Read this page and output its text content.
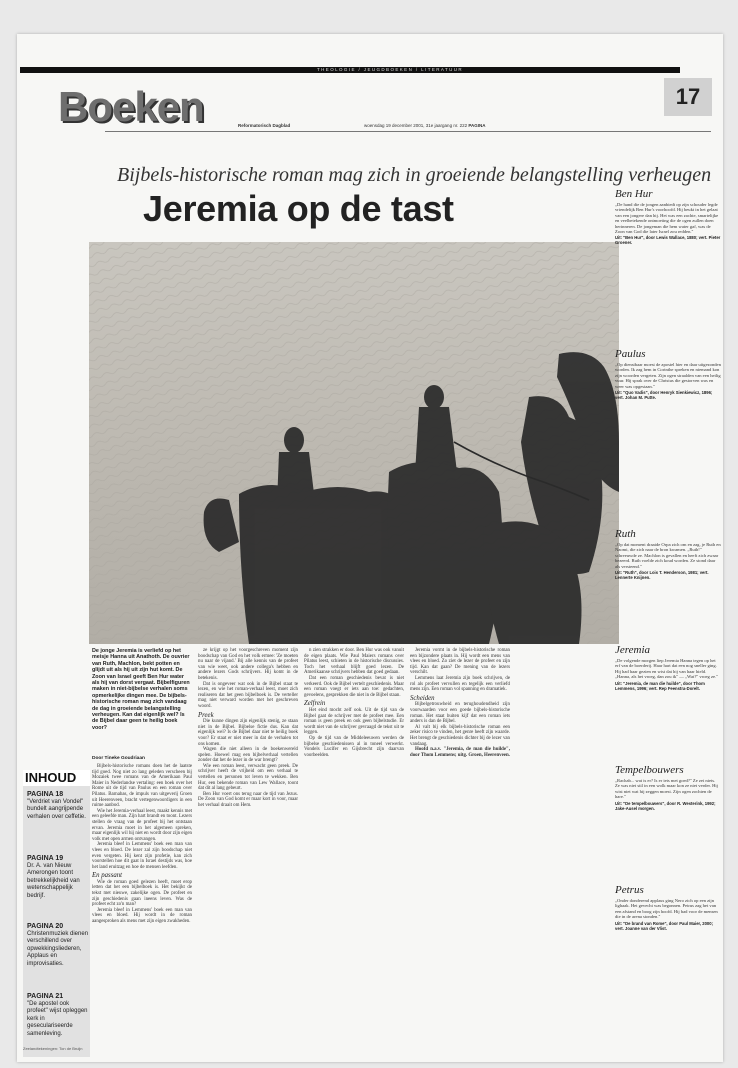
THEOLOGIE / JEUGDBOEKEN / LITERATUUR
17
Boeken	Reformatorisch Dagblad	woensdag 19 december 2001, 31e jaargang nr. 222 PAGINA
Bijbels-historische roman mag zich in groeiende belangstelling verheugen
Jeremia op de tast
De jonge Jeremia is verliefd op het meisje Hanna uit Anathoth. De ouvrier van Ruth, Machlon, bekt potten en glijdt uit als hij uit zijn hut komt. De Zoon van Israel geeft Ben Hur water als hij van dorst vergaat. Bijbelfiguren maken in niet-bijbelse verhalen soms opmerkelijke dingen mee. De bijbels-historische roman mag zich vandaag de dag in groeiende belangstelling verheugen. Kan dat eigenlijk wel? Is de Bijbel daar geen te heilig boek voor?
Door Tineke Goudriaan

Bijbels-historische romans doen het de laatste tijd goed. Nog niet zo lang geleden verscheen bij Mozaiek twee romans van de Amerikaan Paul Maier in Nederlandse vertaling: een boek over het Rome uit de tijd van Paulus en een roman over Pilatus. Barnabas, de impuls van uitgeverij Groen uit Heerenveen, bracht vertegenwoordigers in een ruime aanbod.

Wie het Jeremia-verhaal leest, maakt kennis met een geleefde man. Zijn hart brandt en toont. Lezers stellen de vraag van de profeet bij het ontstaan ervan. Jeremia moet in het algemeen spreken, maar eigenlijk wil hij niet en wordt door zijn eigen volk met open armen ontvangen.

Jeremia bleef in Lemmens' boek een man van vlees en bloed. De lezer zal zijn boodschap niet even vergeten. Hij kent zijn profetie, kan zich voorstellen hoe dit gaat in Israel destijds was, hoe het land eruitzag en hoe de mensen leefden.

En passant

Wie de roman goed gelezen heeft, moet erop letten dat het een bijbelboek is. Het bekijkt de tekst met nieuwe, zakelijke ogen. De profeet en zijn geschiedenis gaan ineens leven. Was de profeet echt zo'n man?

Jeremia bleef in Lemmens' boek een man van vlees en bloed. Hij wordt in de roman aangesproken als mens met zijn eigen zwakheden.

ze krijgt op het voorgeschreven moment zijn boodschap van God en het volk ermee: 'Ze moeten nu naar de vijand.' Bij alle kennis van de profeet van wie weet, ook andere collega's hebben en andere lezers Gods schrijvers. Hij komt in de betekenis.

Dat is ongeveer wat ook in de Bijbel staat te lezen, en wie het roman-verhaal leest, moet zich realiseren dat het geen bijbelboek is. De verteller mag niet verward worden met het geschreven woord.

Preek

Die kunne dingen zijn eigenlijk stenig, ze staan niet in de Bijbel. Bijbelse fictie dus. Kan dat eigenlijk wel? Is de Bijbel daar niet te heilig boek voor? Er staat er niet meer in dat de verhalen tot ons komen.

Wagen die niet alleen in de boekenwereld spelen. Hoewel mag een bijbelverhaal vertellen zonder dat het de lezer in de war brengt?

Wie een roman leest, verwacht geen preek. De schrijver heeft de vrijheid om een verhaal te vertellen en personen tot leven te wekken. Ben Hur, een bekende roman van Lew Wallace, toont dat dit al lang gebeurt.

Ben Hur voert ons terug naar de tijd van Jezus. De Zoon van God komt er maar kort in voor, maar het verhaal draait om Hem.

n zien strakken er door. Ben Hur was ook vanuit de eigen plaats. Wie Paul Maiers romans over Pilatus leest, schieten in de historische discussies. Toch het verhaal blijft goed lezen. De Amerikaanse schrijvers hebben dat goed gedaan.

Dat een roman geschiedenis bevat is niet verkeerd. Ook de Bijbel vertelt geschiedenis. Maar een roman voegt er iets aan toe: gedachten, gevoelens, gesprekken die niet in de Bijbel staan.

Zelfrein

Het eind mocht zelf ook. Uit de tijd van de Bijbel gaat de schrijver met de profeet mee. Een roman is geen preek en ook geen bijbelstudie. Er wordt niet van de schrijver gevraagd de tekst uit te leggen.

Op de tijd van de Middeleeuwen werden de bijbelse geschiedenissen al in toneel verwerkt. Vondels Lucifer en Gijsbrecht zijn daarvan voorbeelden.

Jeremia vormt in de bijbels-historische roman een bijzondere plaats in. Hij wordt een mens van vlees en bloed. Zo ziet de lezer de profeet en zijn tijd. Kan dat gaan? De mening van de lezers verschilt.

Lemmens laat Jeremia zijn boek schrijven, de rol als profeet vervullen en tegelijk een verliefd mens zijn. Een roman vol spanning en dramatiek.

Scheiden

Bijbelgetrouwheid en terughoudendheid zijn voorwaarden voor een goede bijbels-historische roman. Het staat buiten kijf dat een roman iets anders is dan de Bijbel.

Al valt bij elk bijbels-historische roman een zeker risico te vinden, het genre heeft zijn waarde. Het brengt de geschiedenis dichter bij de lezer van vandaag.

Hoofd n.a.v. "Jeremia, de man die huilde", door Thom Lemmens; uitg. Groen, Heerenveen.

INHOUD
PAGINA 18
"Verdriet van Vondel" bundelt aangrijpende verhalen over ceffetie.
PAGINA 19
Dr. A. van Nieuw Amerongen toont betrekkelijkheid van wetenschappelijk bedrijf.
PAGINA 20
Christenmuziek dienen verschillend over opwekkingsliederen, Applaus en improvisaties.
PAGINA 21
"De apostel ook profeet" wijst opleggen kerk in geseculariseerde samenleving.
Zeelandtekeningen: Ton de Bruijn
Ben Hur

„De hand die de jongen aanbiedt op zijn schouder legde vriendelijk Ben Hur's voorhoofd. Hij beukt in het gelaat van een jongere dan hij. Het was een zachte, smartelijke en veelbetekende ontmoeting die de ogen zullen doen herinneren. De jongeman die hem water gaf, was de Zoon van God die later Israel zou redden."

Uit: "Ben Hur", door Lewis Wallace, 1880; vert. Pieter Groener.
Paulus

„Op dienstbaar moest de apostel hier en daar uitgezonden worden. Ik zag hem in Corinthe spreken en niemand kon zijn woorden vergeten. Zijn ogen straalden van een heilig vuur. Hij sprak over de Christus die gestorven was en weer was opgestaan."

Uit: "Quo Vadis", door Henryk Sienkiewicz, 1896; vert. Johan M. Putte.
Ruth

„Op dat moment draaide Orpa zich om en zag, je Ruth en Naomi, die zich naar de bron kwamen. „Ruth!" schreeuwde ze. Machlon is gevallen en heeft zich zwaar bezeerd. Ruth voelde zich koud worden. Ze stond daar als versteend."

Uit: "Ruth", door Lois T. Henderson, 1981; vert. Lennerte Knijnen.
Jeremia

„De volgende morgen liep Jeremia Hanna tegen op het erf van de boerderij. Haar hart dat een nog sneller ging. Hij had haar gezien en wist dat hij van haar hield. „Hanna, als het vroeg, dan zou ik" — „Wat?" vroeg ze."

Uit: "Jeremia, de man die huilde", door Thom Lemmens, 1996; vert. Rep Feenstra-Dorelt.
Tempelbouwers

„Rachab... wat is er? Is er iets met goed?" Ze zei niets. Ze was niet stil in een wolk maar kon ze niet verder. Hij wist niet wat hij zeggen moest. Zijn ogen zochten de hare."

Uit: "De tempelbouwers", door R. Westerink, 1992; Jake-Ausel morgen.
Petrus

„Onder donderend applaus ging Nero zich op een zijn lighaak. Het gevecht was begonnen. Petrus zag het van een afstand en boog zijn hoofd. Hij bad voor de mensen die in de arena stonden."

Uit: "De brand van Rome", door Paul Maier, 2000; vert. Joanne van der Vlist.
